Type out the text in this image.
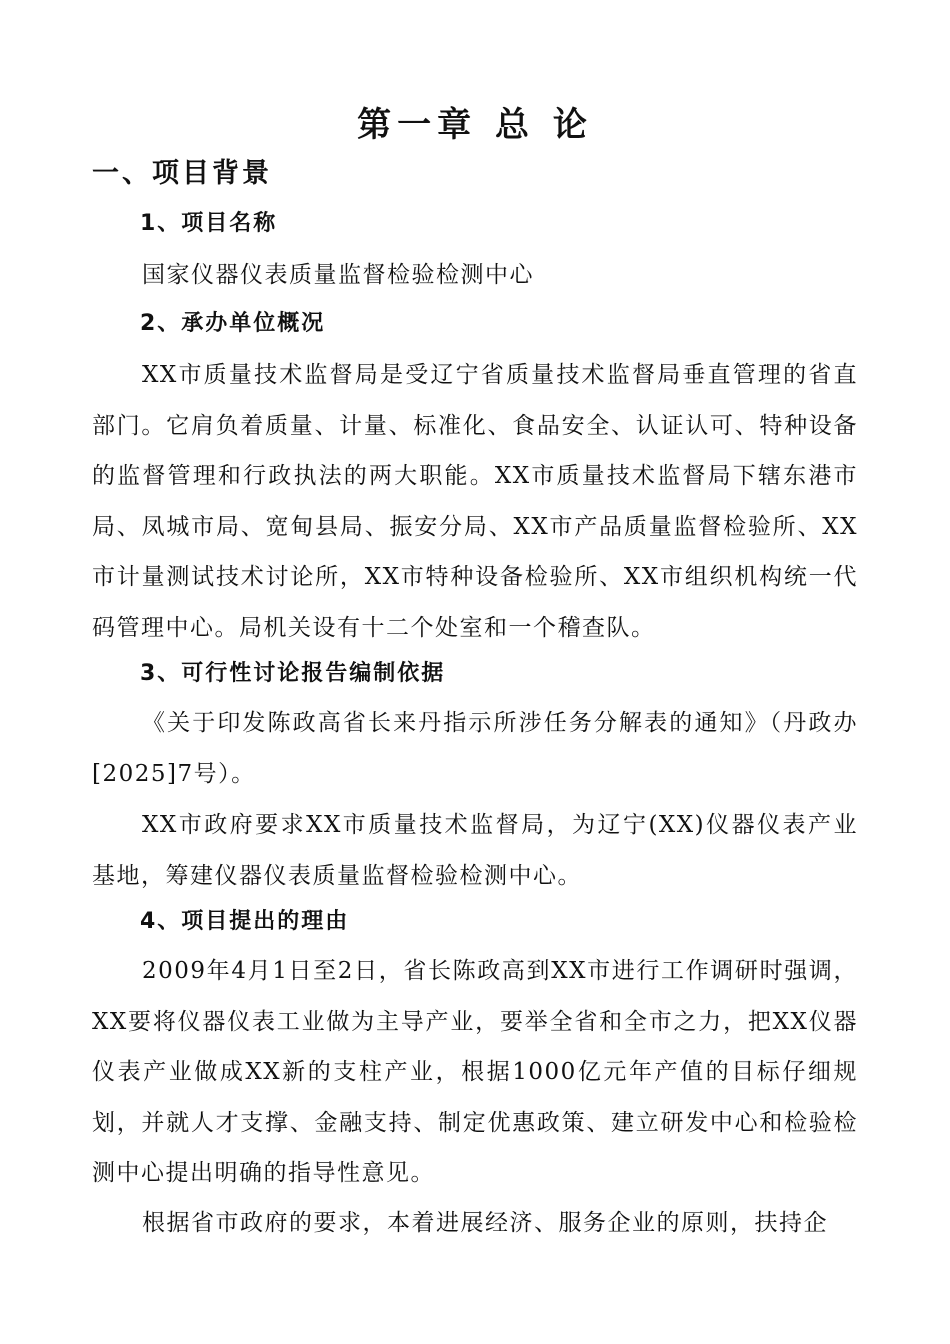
第一章 总 论
一、项目背景
1、项目名称

国家仪器仪表质量监督检验检测中心

2、承办单位概况

XX市质量技术监督局是受辽宁省质量技术监督局垂直管理的省直部门。它肩负着质量、计量、标准化、食品安全、认证认可、特种设备的监督管理和行政执法的两大职能。XX市质量技术监督局下辖东港市局、凤城市局、宽甸县局、振安分局、XX市产品质量监督检验所、XX市计量测试技术讨论所，XX市特种设备检验所、XX市组织机构统一代码管理中心。局机关设有十二个处室和一个稽查队。

3、可行性讨论报告编制依据

《关于印发陈政高省长来丹指示所涉任务分解表的通知》（丹政办[2025]7号）。

XX市政府要求XX市质量技术监督局，为辽宁(XX)仪器仪表产业基地，筹建仪器仪表质量监督检验检测中心。

4、项目提出的理由

2009年4月1日至2日，省长陈政高到XX市进行工作调研时强调，XX要将仪器仪表工业做为主导产业，要举全省和全市之力，把XX仪器仪表产业做成XX新的支柱产业，根据1000亿元年产值的目标仔细规划，并就人才支撑、金融支持、制定优惠政策、建立研发中心和检验检测中心提出明确的指导性意见。

根据省市政府的要求，本着进展经济、服务企业的原则，扶持企
